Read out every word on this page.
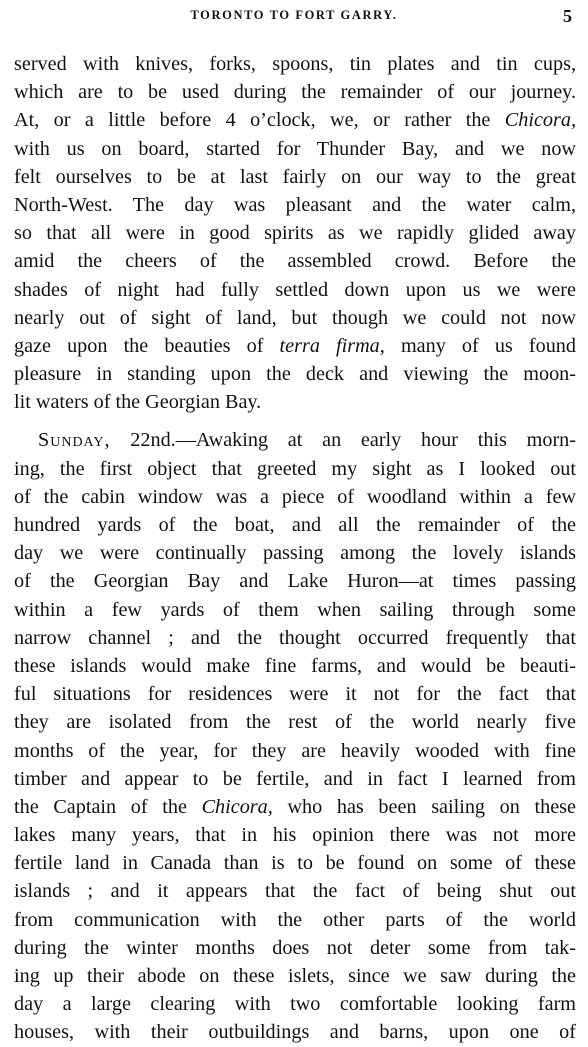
TORONTO TO FORT GARRY.	5
served with knives, forks, spoons, tin plates and tin cups,
which are to be used during the remainder of our journey.
At, or a little before 4 o’clock, we, or rather the Chicora,
with us on board, started for Thunder Bay, and we now
felt ourselves to be at last fairly on our way to the great
North-West. The day was pleasant and the water calm,
so that all were in good spirits as we rapidly glided away
amid the cheers of the assembled crowd. Before the
shades of night had fully settled down upon us we were
nearly out of sight of land, but though we could not now
gaze upon the beauties of terra firma, many of us found
pleasure in standing upon the deck and viewing the moon-
lit waters of the Georgian Bay.
Sunday, 22nd.—Awaking at an early hour this morn-
ing, the first object that greeted my sight as I looked out
of the cabin window was a piece of woodland within a few
hundred yards of the boat, and all the remainder of the
day we were continually passing among the lovely islands
of the Georgian Bay and Lake Huron—at times passing
within a few yards of them when sailing through some
narrow channel ; and the thought occurred frequently that
these islands would make fine farms, and would be beauti-
ful situations for residences were it not for the fact that
they are isolated from the rest of the world nearly five
months of the year, for they are heavily wooded with fine
timber and appear to be fertile, and in fact I learned from
the Captain of the Chicora, who has been sailing on these
lakes many years, that in his opinion there was not more
fertile land in Canada than is to be found on some of these
islands ; and it appears that the fact of being shut out
from communication with the other parts of the world
during the winter months does not deter some from tak-
ing up their abode on these islets, since we saw during the
day a large clearing with two comfortable looking farm
houses, with their outbuildings and barns, upon one of
